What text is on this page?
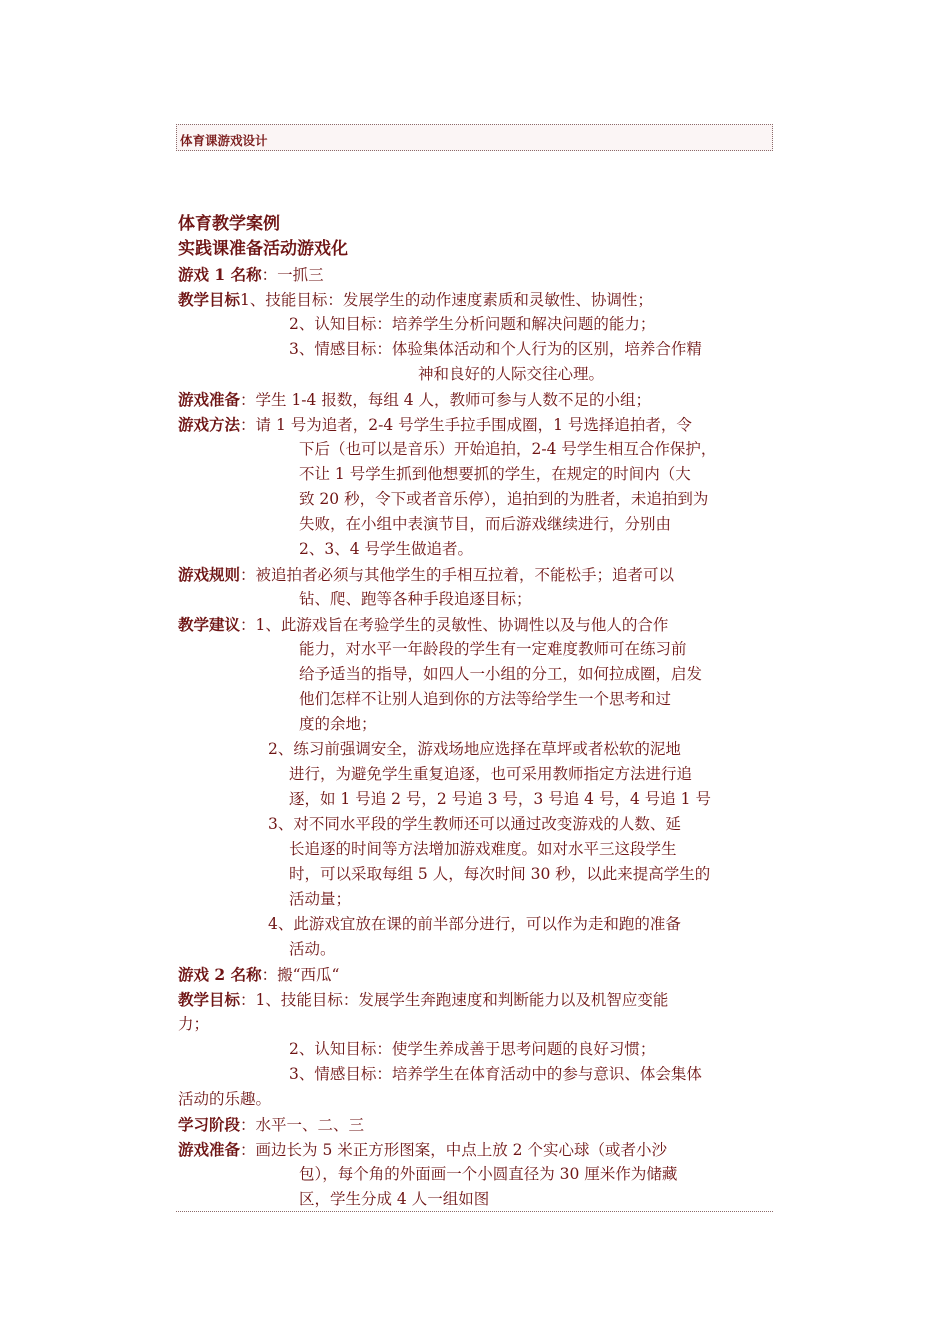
体育课游戏设计
体育教学案例
实践课准备活动游戏化
游戏 1 名称：一抓三
教学目标1、技能目标：发展学生的动作速度素质和灵敏性、协调性；
2、认知目标：培养学生分析问题和解决问题的能力；
3、情感目标：体验集体活动和个人行为的区别，培养合作精
神和良好的人际交往心理。
游戏准备：学生 1-4 报数，每组 4 人，教师可参与人数不足的小组；
游戏方法：请 1 号为追者，2-4 号学生手拉手围成圈，1 号选择追拍者，令
下后（也可以是音乐）开始追拍，2-4 号学生相互合作保护，
不让 1 号学生抓到他想要抓的学生，在规定的时间内（大
致 20 秒，令下或者音乐停），追拍到的为胜者，未追拍到为
失败，在小组中表演节目，而后游戏继续进行，分别由
2、3、4 号学生做追者。
游戏规则：被追拍者必须与其他学生的手相互拉着，不能松手；追者可以
钻、爬、跑等各种手段追逐目标；
教学建议：1、此游戏旨在考验学生的灵敏性、协调性以及与他人的合作
能力，对水平一年龄段的学生有一定难度教师可在练习前
给予适当的指导，如四人一小组的分工，如何拉成圈，启发
他们怎样不让别人追到你的方法等给学生一个思考和过
度的余地；
2、练习前强调安全，游戏场地应选择在草坪或者松软的泥地
进行，为避免学生重复追逐，也可采用教师指定方法进行追
逐，如 1 号追 2 号，2 号追 3 号，3 号追 4 号，4 号追 1 号
3、对不同水平段的学生教师还可以通过改变游戏的人数、延
长追逐的时间等方法增加游戏难度。如对水平三这段学生
时，可以采取每组 5 人，每次时间 30 秒，以此来提高学生的
活动量；
4、此游戏宜放在课的前半部分进行，可以作为走和跑的准备
活动。
游戏 2 名称：搬“西瓜“
教学目标：1、技能目标：发展学生奔跑速度和判断能力以及机智应变能
力；
2、认知目标：使学生养成善于思考问题的良好习惯；
3、情感目标：培养学生在体育活动中的参与意识、体会集体
活动的乐趣。
学习阶段：水平一、二、三
游戏准备：画边长为 5 米正方形图案，中点上放 2 个实心球（或者小沙
包），每个角的外面画一个小圆直径为 30 厘米作为储藏
区，学生分成 4 人一组如图
